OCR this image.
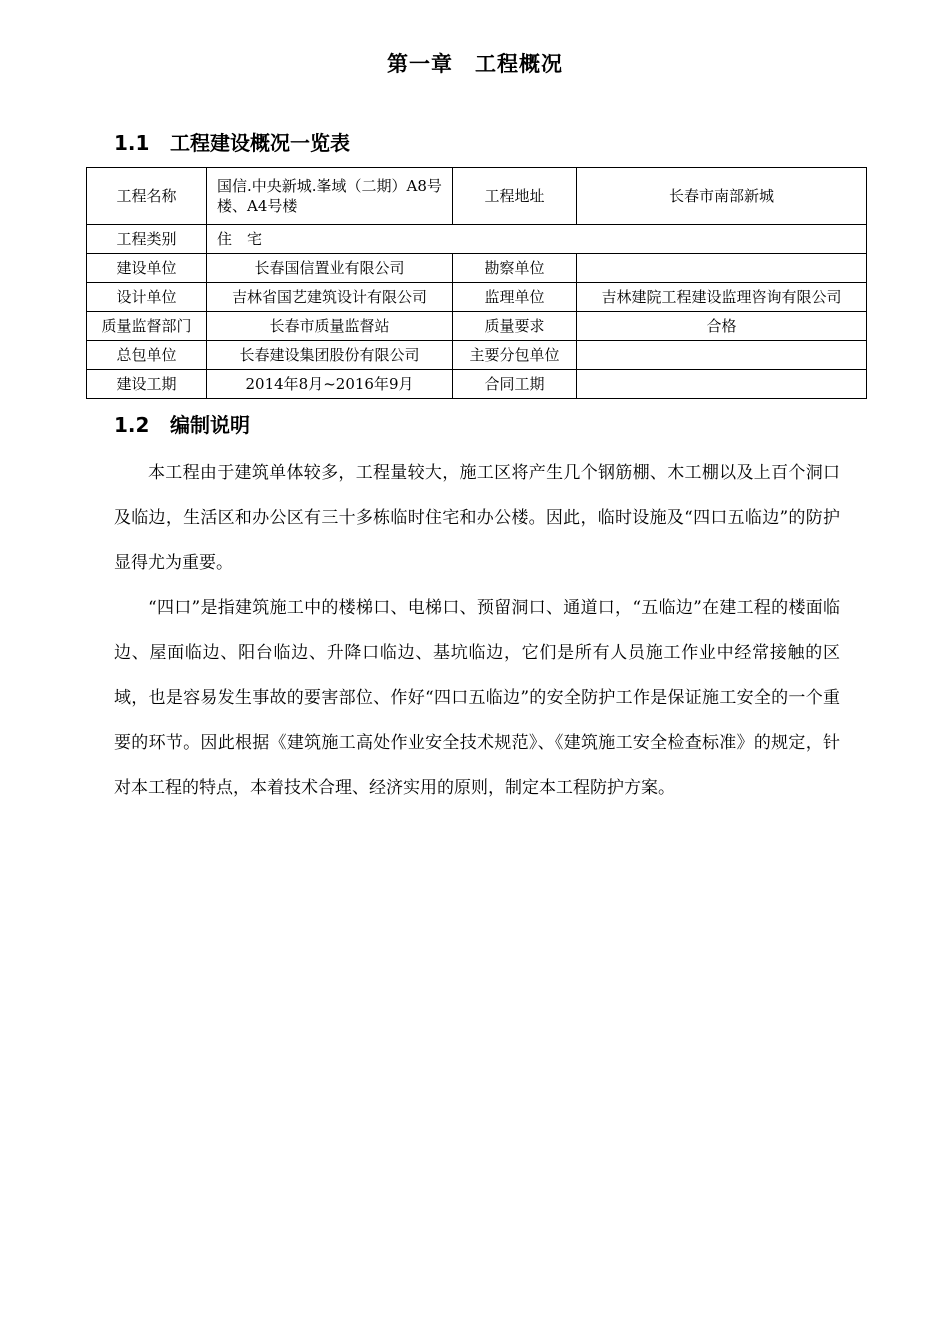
第一章　工程概况
1.1 工程建设概况一览表
工程名称	国信.中央新城.峯域（二期）A8号楼、A4号楼	工程地址	长春市南部新城
工程类别	住　宅		
建设单位	长春国信置业有限公司	勘察单位	
设计单位	吉林省国艺建筑设计有限公司	监理单位	吉林建院工程建设监理咨询有限公司
质量监督部门	长春市质量监督站	质量要求	合格
总包单位	长春建设集团股份有限公司	主要分包单位	
建设工期	2014年8月~2016年9月	合同工期	
1.2 编制说明

本工程由于建筑单体较多，工程量较大，施工区将产生几个钢筋棚、木工棚以及上百个洞口及临边，生活区和办公区有三十多栋临时住宅和办公楼。因此，临时设施及“四口五临边”的防护显得尤为重要。

“四口”是指建筑施工中的楼梯口、电梯口、预留洞口、通道口，“五临边”在建工程的楼面临边、屋面临边、阳台临边、升降口临边、基坑临边，它们是所有人员施工作业中经常接触的区域，也是容易发生事故的要害部位、作好“四口五临边”的安全防护工作是保证施工安全的一个重要的环节。因此根据《建筑施工高处作业安全技术规范》、《建筑施工安全检查标准》的规定，针对本工程的特点，本着技术合理、经济实用的原则，制定本工程防护方案。
